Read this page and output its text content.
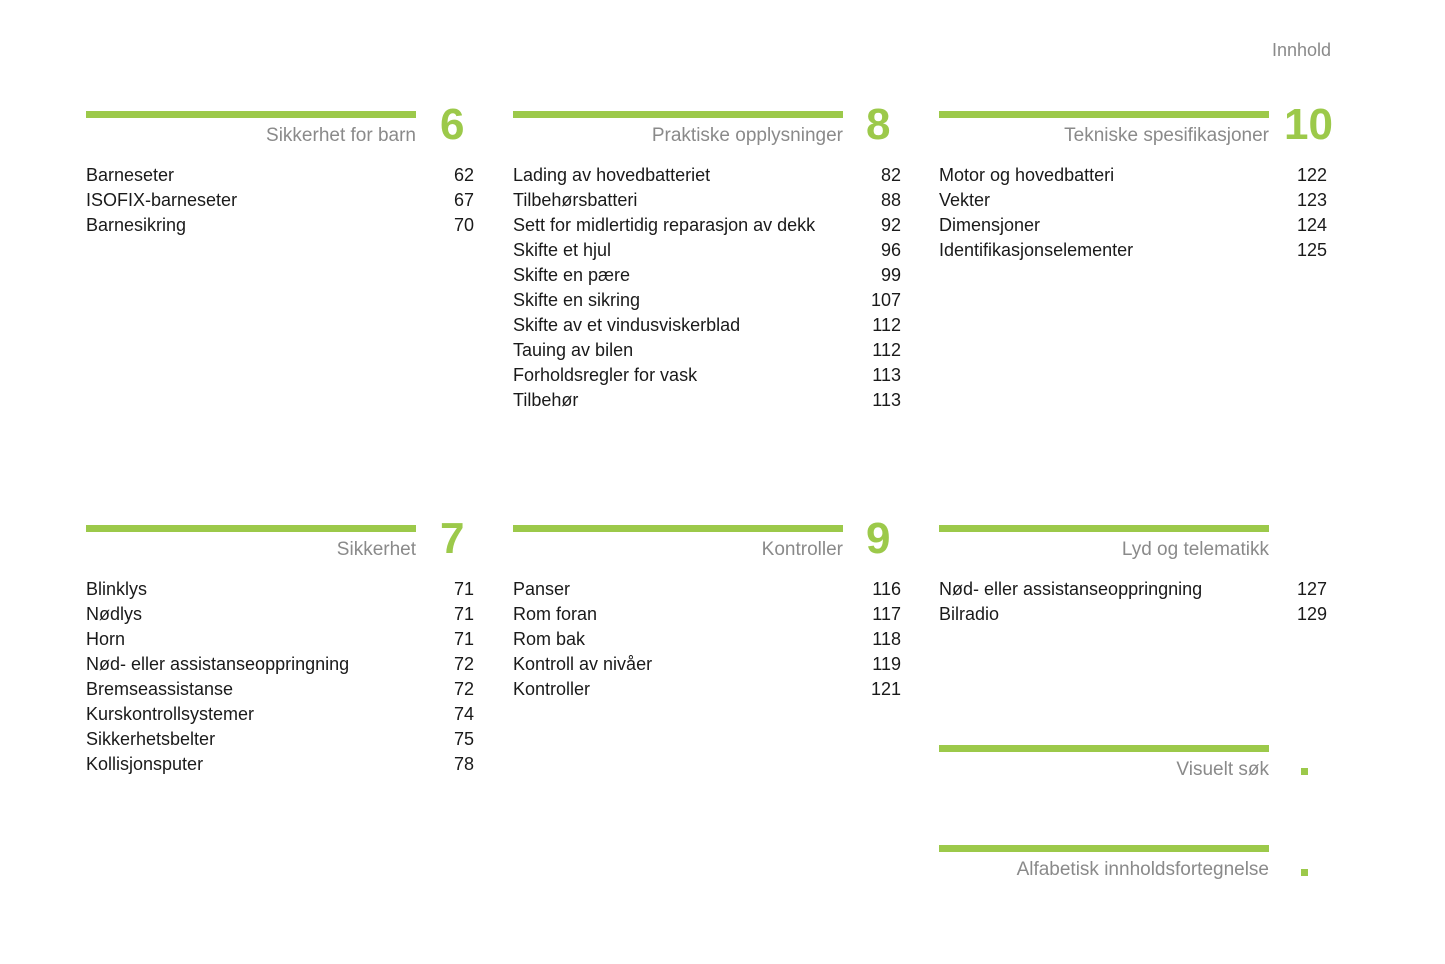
Innhold
Sikkerhet for barn 6
Barneseter	62
ISOFIX-barneseter	67
Barnesikring	70
Praktiske opplysninger 8
Lading av hovedbatteriet	82
Tilbehørsbatteri	88
Sett for midlertidig reparasjon av dekk	92
Skifte et hjul	96
Skifte en pære	99
Skifte en sikring	107
Skifte av et vindusviskerblad	112
Tauing av bilen	112
Forholdsregler for vask	113
Tilbehør	113
Tekniske spesifikasjoner 10
Motor og hovedbatteri	122
Vekter	123
Dimensjoner	124
Identifikasjonselementer	125
Sikkerhet 7
Blinklys	71
Nødlys	71
Horn	71
Nød- eller assistanseoppringning	72
Bremseassistanse	72
Kurskontrollsystemer	74
Sikkerhetsbelter	75
Kollisjonsputer	78
Kontroller 9
Panser	116
Rom foran	117
Rom bak	118
Kontroll av nivåer	119
Kontroller	121
Lyd og telematikk
Nød- eller assistanseoppringning	127
Bilradio	129
Visuelt søk
Alfabetisk innholdsfortegnelse
